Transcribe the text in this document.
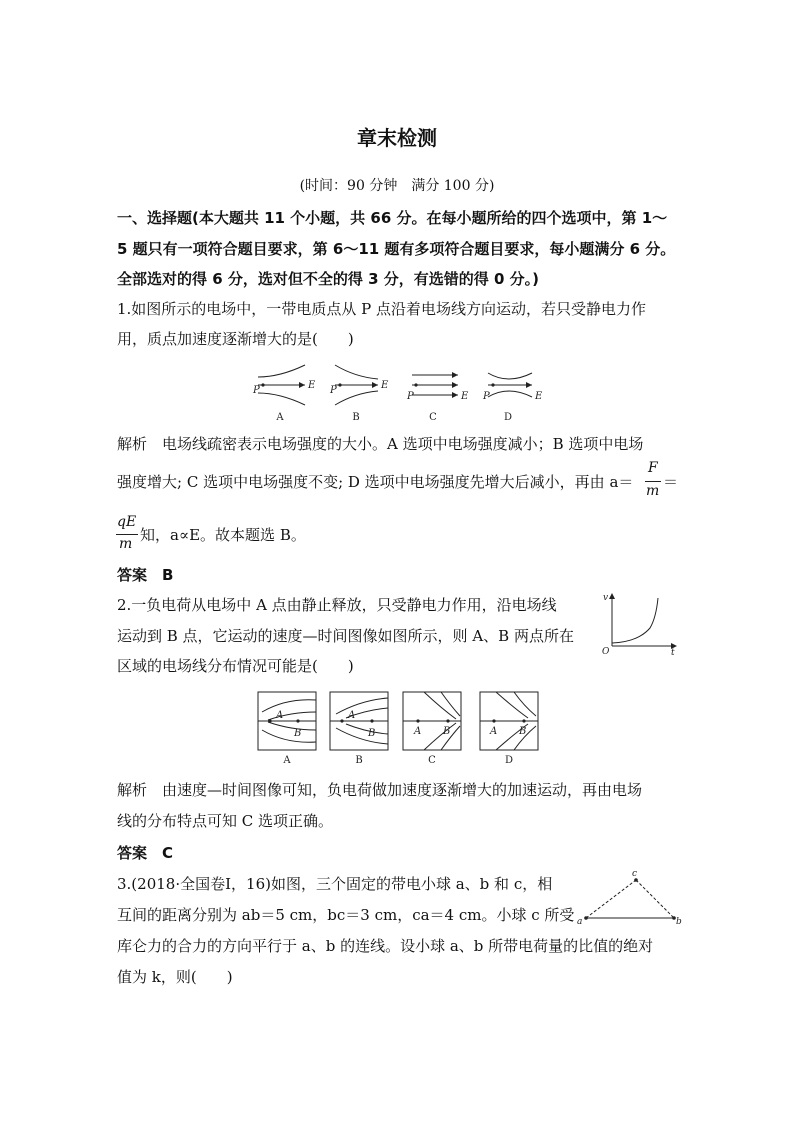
章末检测
(时间：90 分钟　满分 100 分)
一、选择题(本大题共 11 个小题，共 66 分。在每小题所给的四个选项中，第 1～
5 题只有一项符合题目要求，第 6～11 题有多项符合题目要求，每小题满分 6 分。
全部选对的得 6 分，选对但不全的得 3 分，有选错的得 0 分。)
1.如图所示的电场中，一带电质点从 P 点沿着电场线方向运动，若只受静电力作
用，质点加速度逐渐增大的是(　　)
P	E P	E
P	E P	E
A	B	C	D
解析　电场线疏密表示电场强度的大小。A 选项中电场强度减小；B 选项中电场
强度增大; C 选项中电场强度不变; D 选项中电场强度先增大后减小，再由 a＝
F
m ＝
qE
m 知，a∝E。故本题选 B。
答案　B
2.一负电荷从电场中 A 点由静止释放，只受静电力作用，沿电场线
运动到 B 点，它运动的速度—时间图像如图所示，则 A、B 两点所在
区域的电场线分布情况可能是(　　)
v
t
O
A
B
A
B	A B	A B
A	B	C	D
解析　由速度—时间图像可知，负电荷做加速度逐渐增大的加速运动，再由电场
线的分布特点可知 C 选项正确。
答案　C
3.(2018·全国卷Ⅰ，16)如图，三个固定的带电小球 a、b 和 c，相
互间的距离分别为 ab＝5 cm，bc＝3 cm，ca＝4 cm。小球 c 所受
库仑力的合力的方向平行于 a、b 的连线。设小球 a、b 所带电荷量的比值的绝对
值为 k，则(　　)
a	b
c
